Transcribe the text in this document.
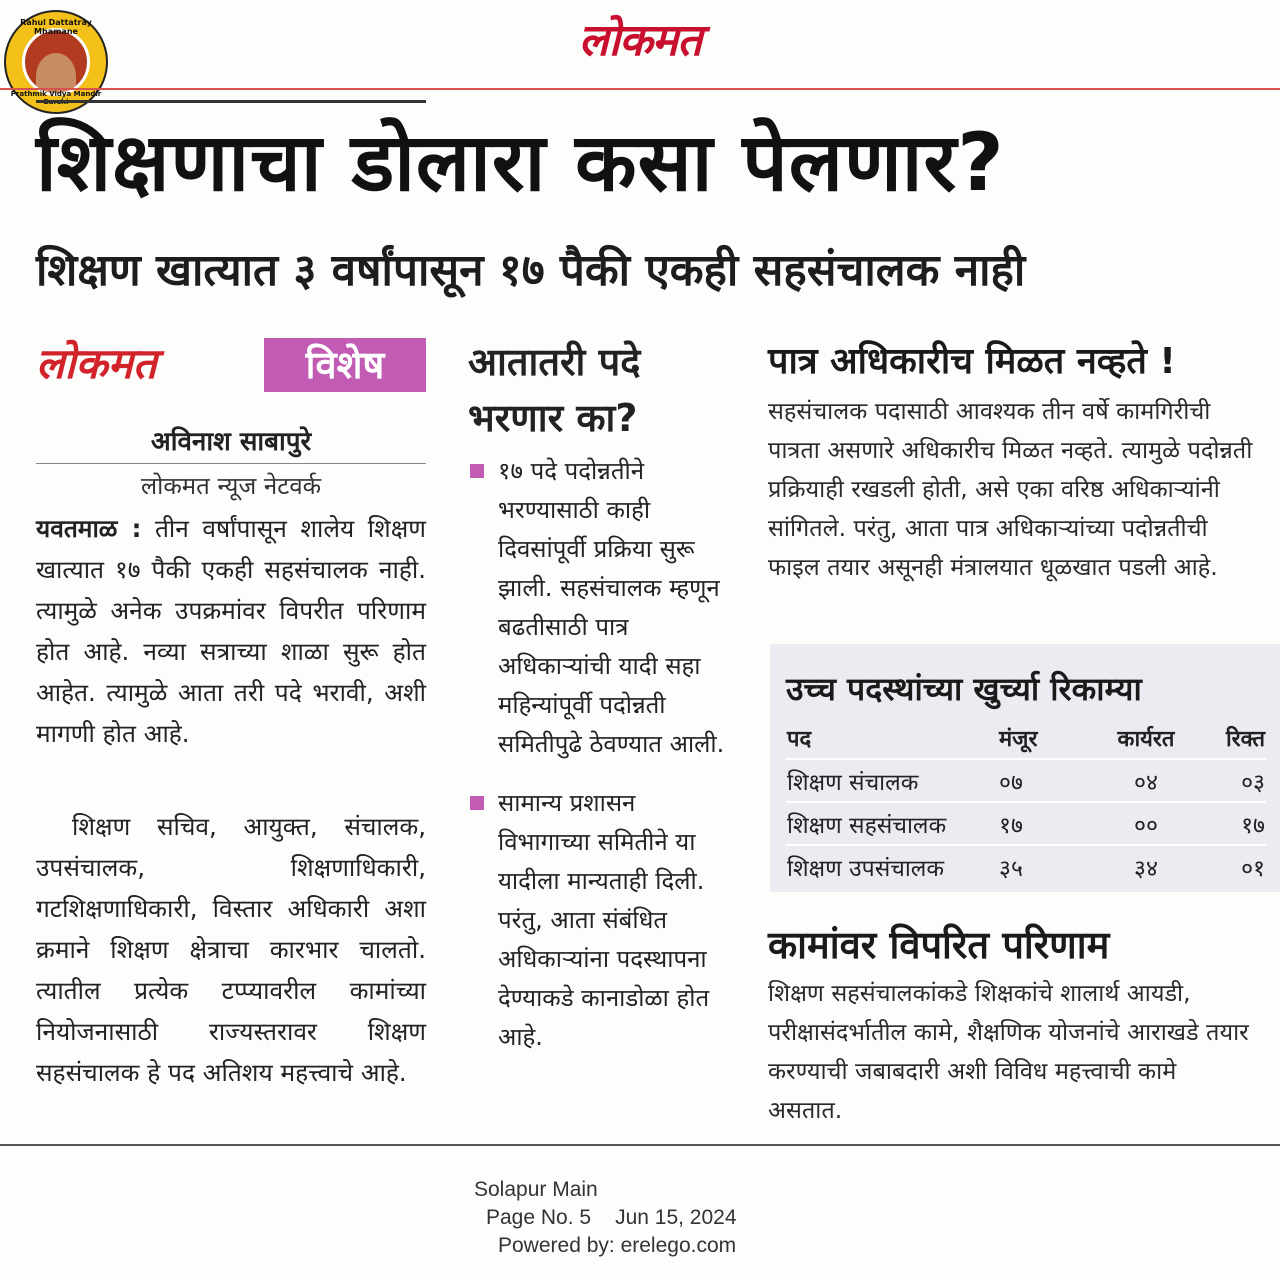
Rahul Dattatray Mhamane
Prathmik Vidya Mandir
लोकमत
शिक्षणाचा डोलारा कसा पेलणार?
शिक्षण खात्यात ३ वर्षांपासून १७ पैकी एकही सहसंचालक नाही
लोकमत	विशेष
अविनाश साबापुरे
लोकमत न्यूज नेटवर्क
यवतमाळ : तीन वर्षांपासून शालेय शिक्षण खात्यात १७ पैकी एकही सहसंचालक नाही. त्यामुळे अनेक उपक्रमांवर विपरीत परिणाम होत आहे. नव्या सत्राच्या शाळा सुरू होत आहेत. त्यामुळे आता तरी पदे भरावी, अशी मागणी होत आहे.
शिक्षण सचिव, आयुक्त, संचालक, उपसंचालक, शिक्षणाधिकारी, गटशिक्षणाधिकारी, विस्तार अधिकारी अशा क्रमाने शिक्षण क्षेत्राचा कारभार चालतो. त्यातील प्रत्येक टप्प्यावरील कामांच्या नियोजनासाठी राज्यस्तरावर शिक्षण सहसंचालक हे पद अतिशय महत्त्वाचे आहे.
आतातरी पदे भरणार का?
१७ पदे पदोन्नतीने भरण्यासाठी काही दिवसांपूर्वी प्रक्रिया सुरू झाली. सहसंचालक म्हणून बढतीसाठी पात्र अधिकाऱ्यांची यादी सहा महिन्यांपूर्वी पदोन्नती समितीपुढे ठेवण्यात आली.
सामान्य प्रशासन विभागाच्या समितीने या यादीला मान्यताही दिली. परंतु, आता संबंधित अधिकाऱ्यांना पदस्थापना देण्याकडे कानाडोळा होत आहे.
पात्र अधिकारीच मिळत नव्हते !
सहसंचालक पदासाठी आवश्यक तीन वर्षे कामगिरीची पात्रता असणारे अधिकारीच मिळत नव्हते. त्यामुळे पदोन्नती प्रक्रियाही रखडली होती, असे एका वरिष्ठ अधिकाऱ्यांनी सांगितले. परंतु, आता पात्र अधिकाऱ्यांच्या पदोन्नतीची फाइल तयार असूनही मंत्रालयात धूळखात पडली आहे.
उच्च पदस्थांच्या खुर्च्या रिकाम्या
पद	मंजूर	कार्यरत	रिक्त
शिक्षण संचालक	०७	०४	०३
शिक्षण सहसंचालक	१७	००	१७
शिक्षण उपसंचालक	३५	३४	०१
कामांवर विपरित परिणाम
शिक्षण सहसंचालकांकडे शिक्षकांचे शालार्थ आयडी, परीक्षासंदर्भातील कामे, शैक्षणिक योजनांचे आराखडे तयार करण्याची जबाबदारी अशी विविध महत्त्वाची कामे असतात.
Solapur Main
Page No. 5 Jun 15, 2024
Powered by: erelego.com
